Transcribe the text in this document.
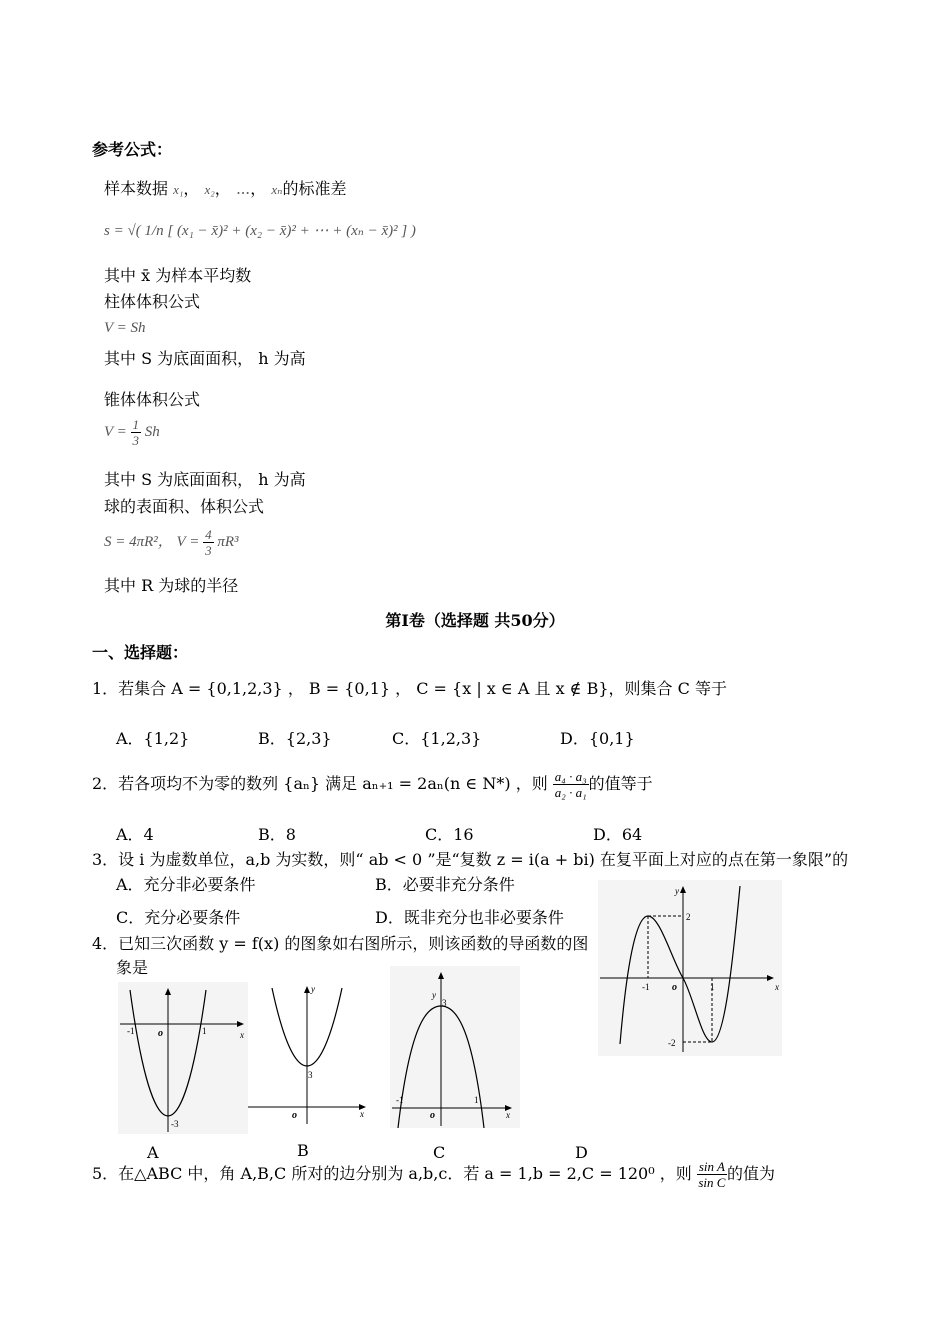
参考公式：
样本数据 x₁， x₂， ⋯， xₙ的标准差
s = √( 1/n [ (x₁ − x̄)² + (x₂ − x̄)² + ⋯ + (xₙ − x̄)² ] )
其中 x̄ 为样本平均数
柱体体积公式
V = Sh
其中 S 为底面面积， h 为高
锥体体积公式
$V = \frac{1}{3}$ Sh
其中 S 为底面面积， h 为高
球的表面积、体积公式
S = 4πR²， $V = \frac{4}{3} \pi R^3$
其中 R 为球的半径
第Ⅰ卷（选择题 共50分）
一、选择题：
1．若集合 A = {0,1,2,3} ， B = {0,1} ， C = {x | x ∈ A 且 x ∉ B}，则集合 C 等于
A．{1,2}	B．{2,3}	C．{1,2,3}	D．{0,1}
2．若各项均不为零的数列 {aₙ} 满足 aₙ₊₁ = 2aₙ(n ∈ N*) ，则 $\frac{\text{a₄ · a₃}}{\text{a₂ · a₁}}$ 的值等于
A．4	B．8	C．16	D．64
3．设 i 为虚数单位，a,b 为实数，则“ ab < 0 ”是“复数 z = i(a + bi) 在复平面上对应的点在第一象限”的
A．充分非必要条件	B．必要非充分条件
C．充分必要条件	D．既非充分也非必要条件
4．已知三次函数 y = f(x) 的图象如右图所示，则该函数的导函数的图
象是
x
y
2
-2
-1	1
o
x
-1	1
o
-3
x
y
3
o	x
y
3
-1	1
o
A	B	C	D
5．在△ABC 中，角 A,B,C 所对的边分别为 a,b,c．若 a = 1,b = 2,C = 120⁰ ，则 $\frac{\text{sin A}}{\text{sin C}}$ 的值为
